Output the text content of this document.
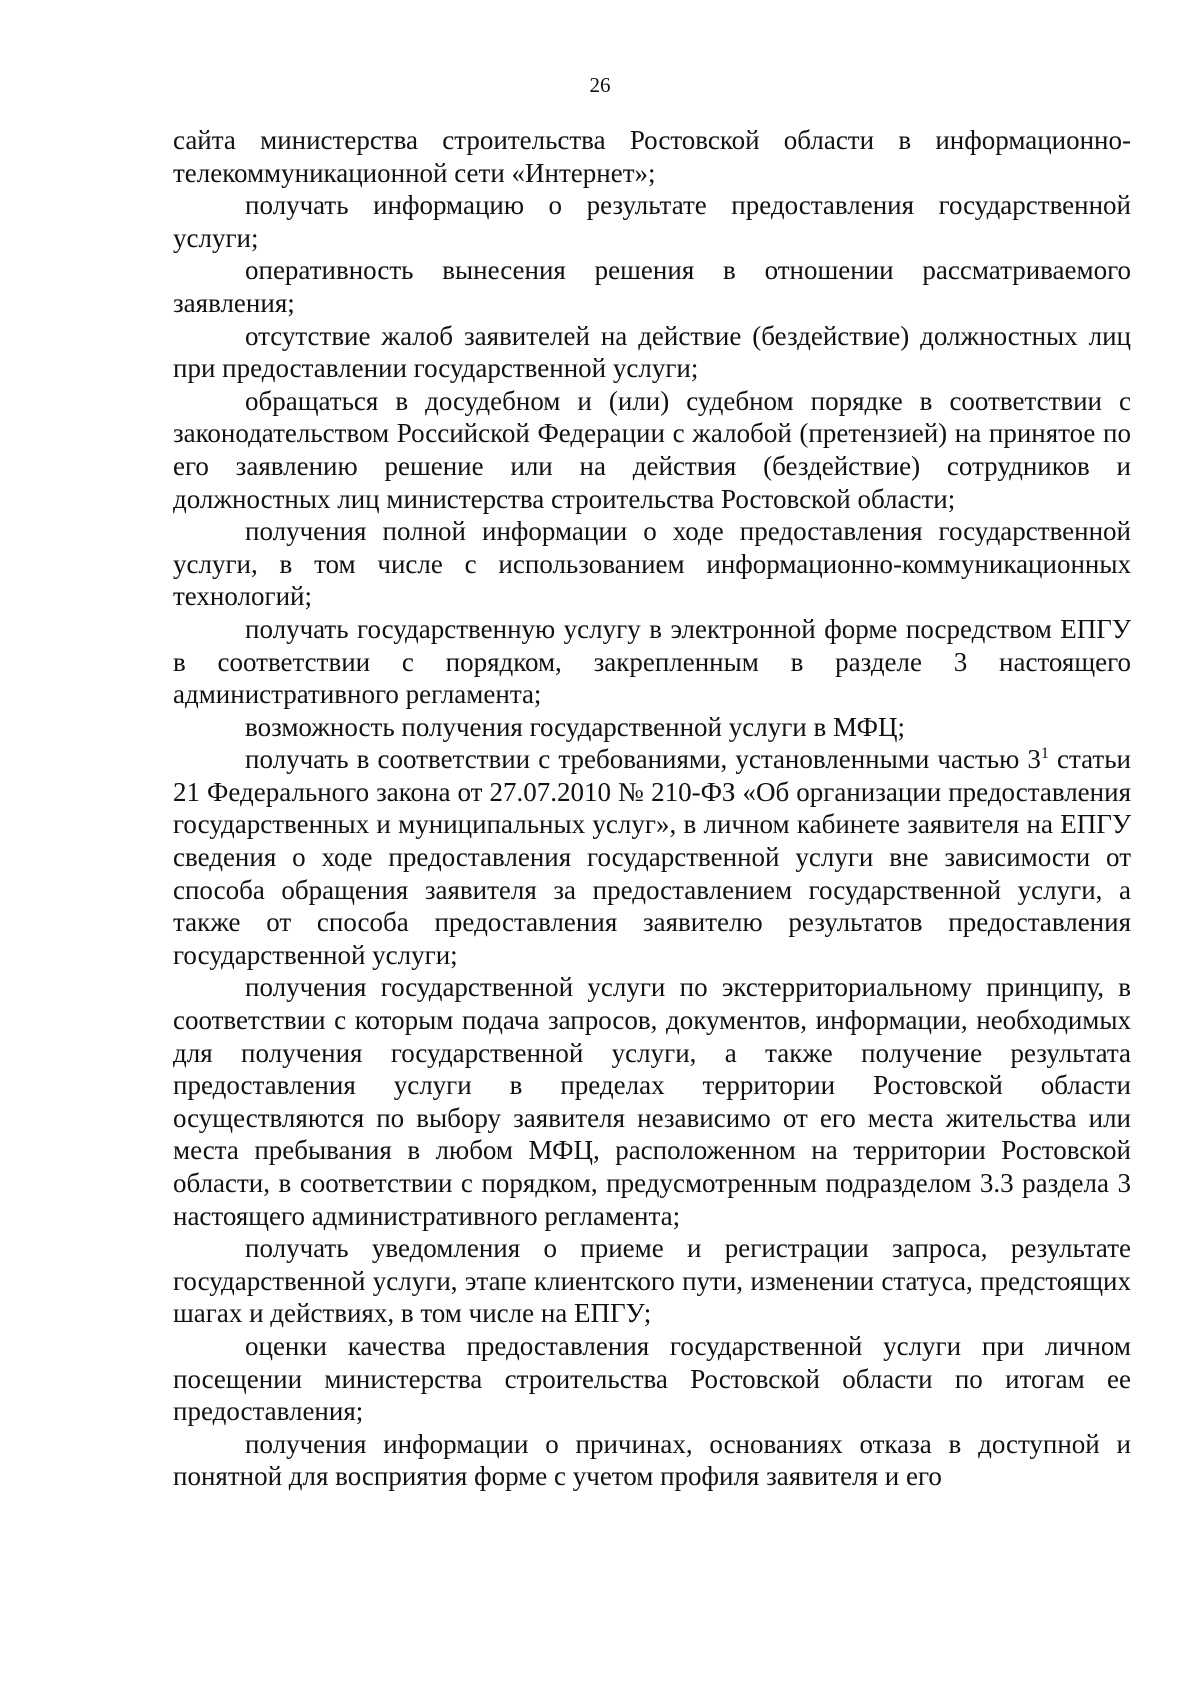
26

сайта министерства строительства Ростовской области в информационно-телекоммуникационной сети «Интернет»;

получать информацию о результате предоставления государственной услуги;

оперативность вынесения решения в отношении рассматриваемого заявления;

отсутствие жалоб заявителей на действие (бездействие) должностных лиц при предоставлении государственной услуги;

обращаться в досудебном и (или) судебном порядке в соответствии с законодательством Российской Федерации с жалобой (претензией) на принятое по его заявлению решение или на действия (бездействие) сотрудников и должностных лиц министерства строительства Ростовской области;

получения полной информации о ходе предоставления государственной услуги, в том числе с использованием информационно-коммуникационных технологий;

получать государственную услугу в электронной форме посредством ЕПГУ в соответствии с порядком, закрепленным в разделе 3 настоящего административного регламента;

возможность получения государственной услуги в МФЦ;

получать в соответствии с требованиями, установленными частью $3^1$ статьи 21 Федерального закона от 27.07.2010 № 210-ФЗ «Об организации предоставления государственных и муниципальных услуг», в личном кабинете заявителя на ЕПГУ сведения о ходе предоставления государственной услуги вне зависимости от способа обращения заявителя за предоставлением государственной услуги, а также от способа предоставления заявителю результатов предоставления государственной услуги;

получения государственной услуги по экстерриториальному принципу, в соответствии с которым подача запросов, документов, информации, необходимых для получения государственной услуги, а также получение результата предоставления услуги в пределах территории Ростовской области осуществляются по выбору заявителя независимо от его места жительства или места пребывания в любом МФЦ, расположенном на территории Ростовской области, в соответствии с порядком, предусмотренным подразделом 3.3 раздела 3 настоящего административного регламента;

получать уведомления о приеме и регистрации запроса, результате государственной услуги, этапе клиентского пути, изменении статуса, предстоящих шагах и действиях, в том числе на ЕПГУ;

оценки качества предоставления государственной услуги при личном посещении министерства строительства Ростовской области по итогам ее предоставления;

получения информации о причинах, основаниях отказа в доступной и понятной для восприятия форме с учетом профиля заявителя и его
